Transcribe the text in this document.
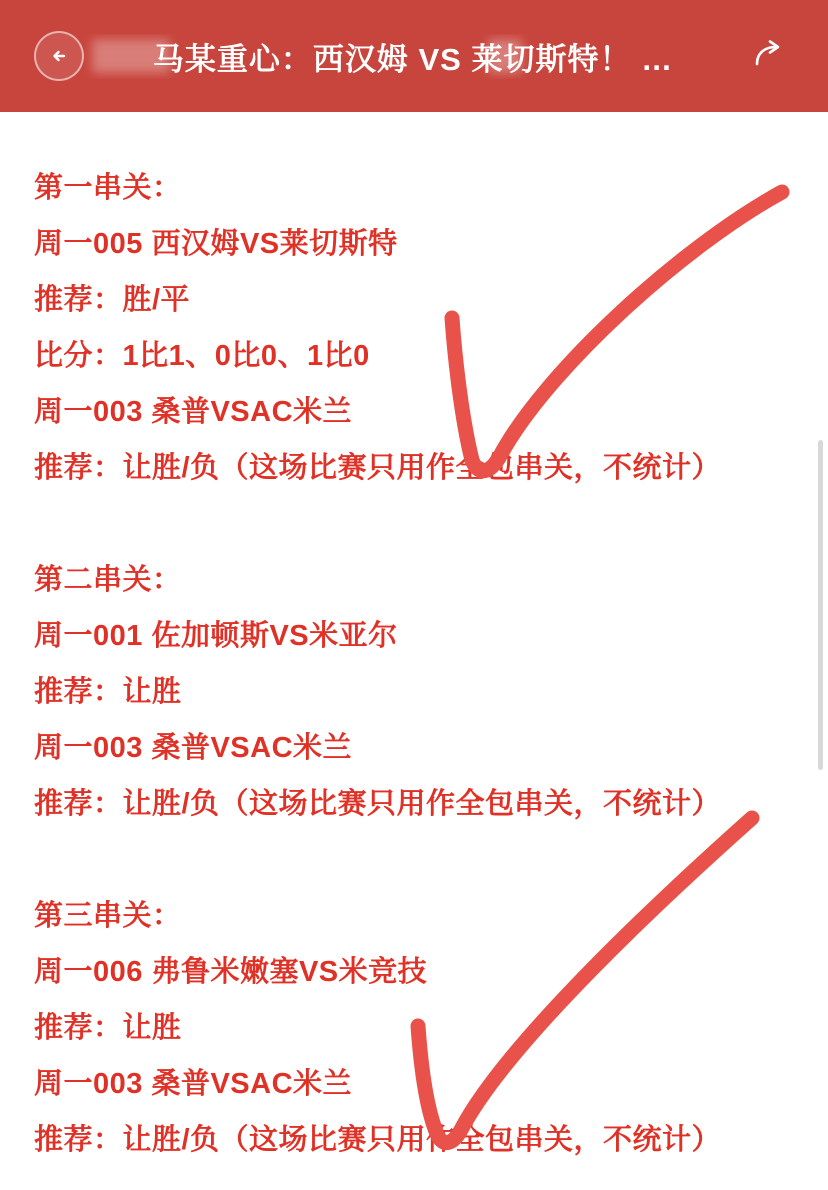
马某重心：西汉姆 VS 莱切斯特！ …
第一串关：
周一005 西汉姆VS莱切斯特
推荐：胜/平
比分：1比1、0比0、1比0
周一003 桑普VSAC米兰
推荐：让胜/负（这场比赛只用作全包串关，不统计）
第二串关：
周一001 佐加顿斯VS米亚尔
推荐：让胜
周一003 桑普VSAC米兰
推荐：让胜/负（这场比赛只用作全包串关，不统计）
第三串关：
周一006 弗鲁米嫩塞VS米竞技
推荐：让胜
周一003 桑普VSAC米兰
推荐：让胜/负（这场比赛只用作全包串关，不统计）
